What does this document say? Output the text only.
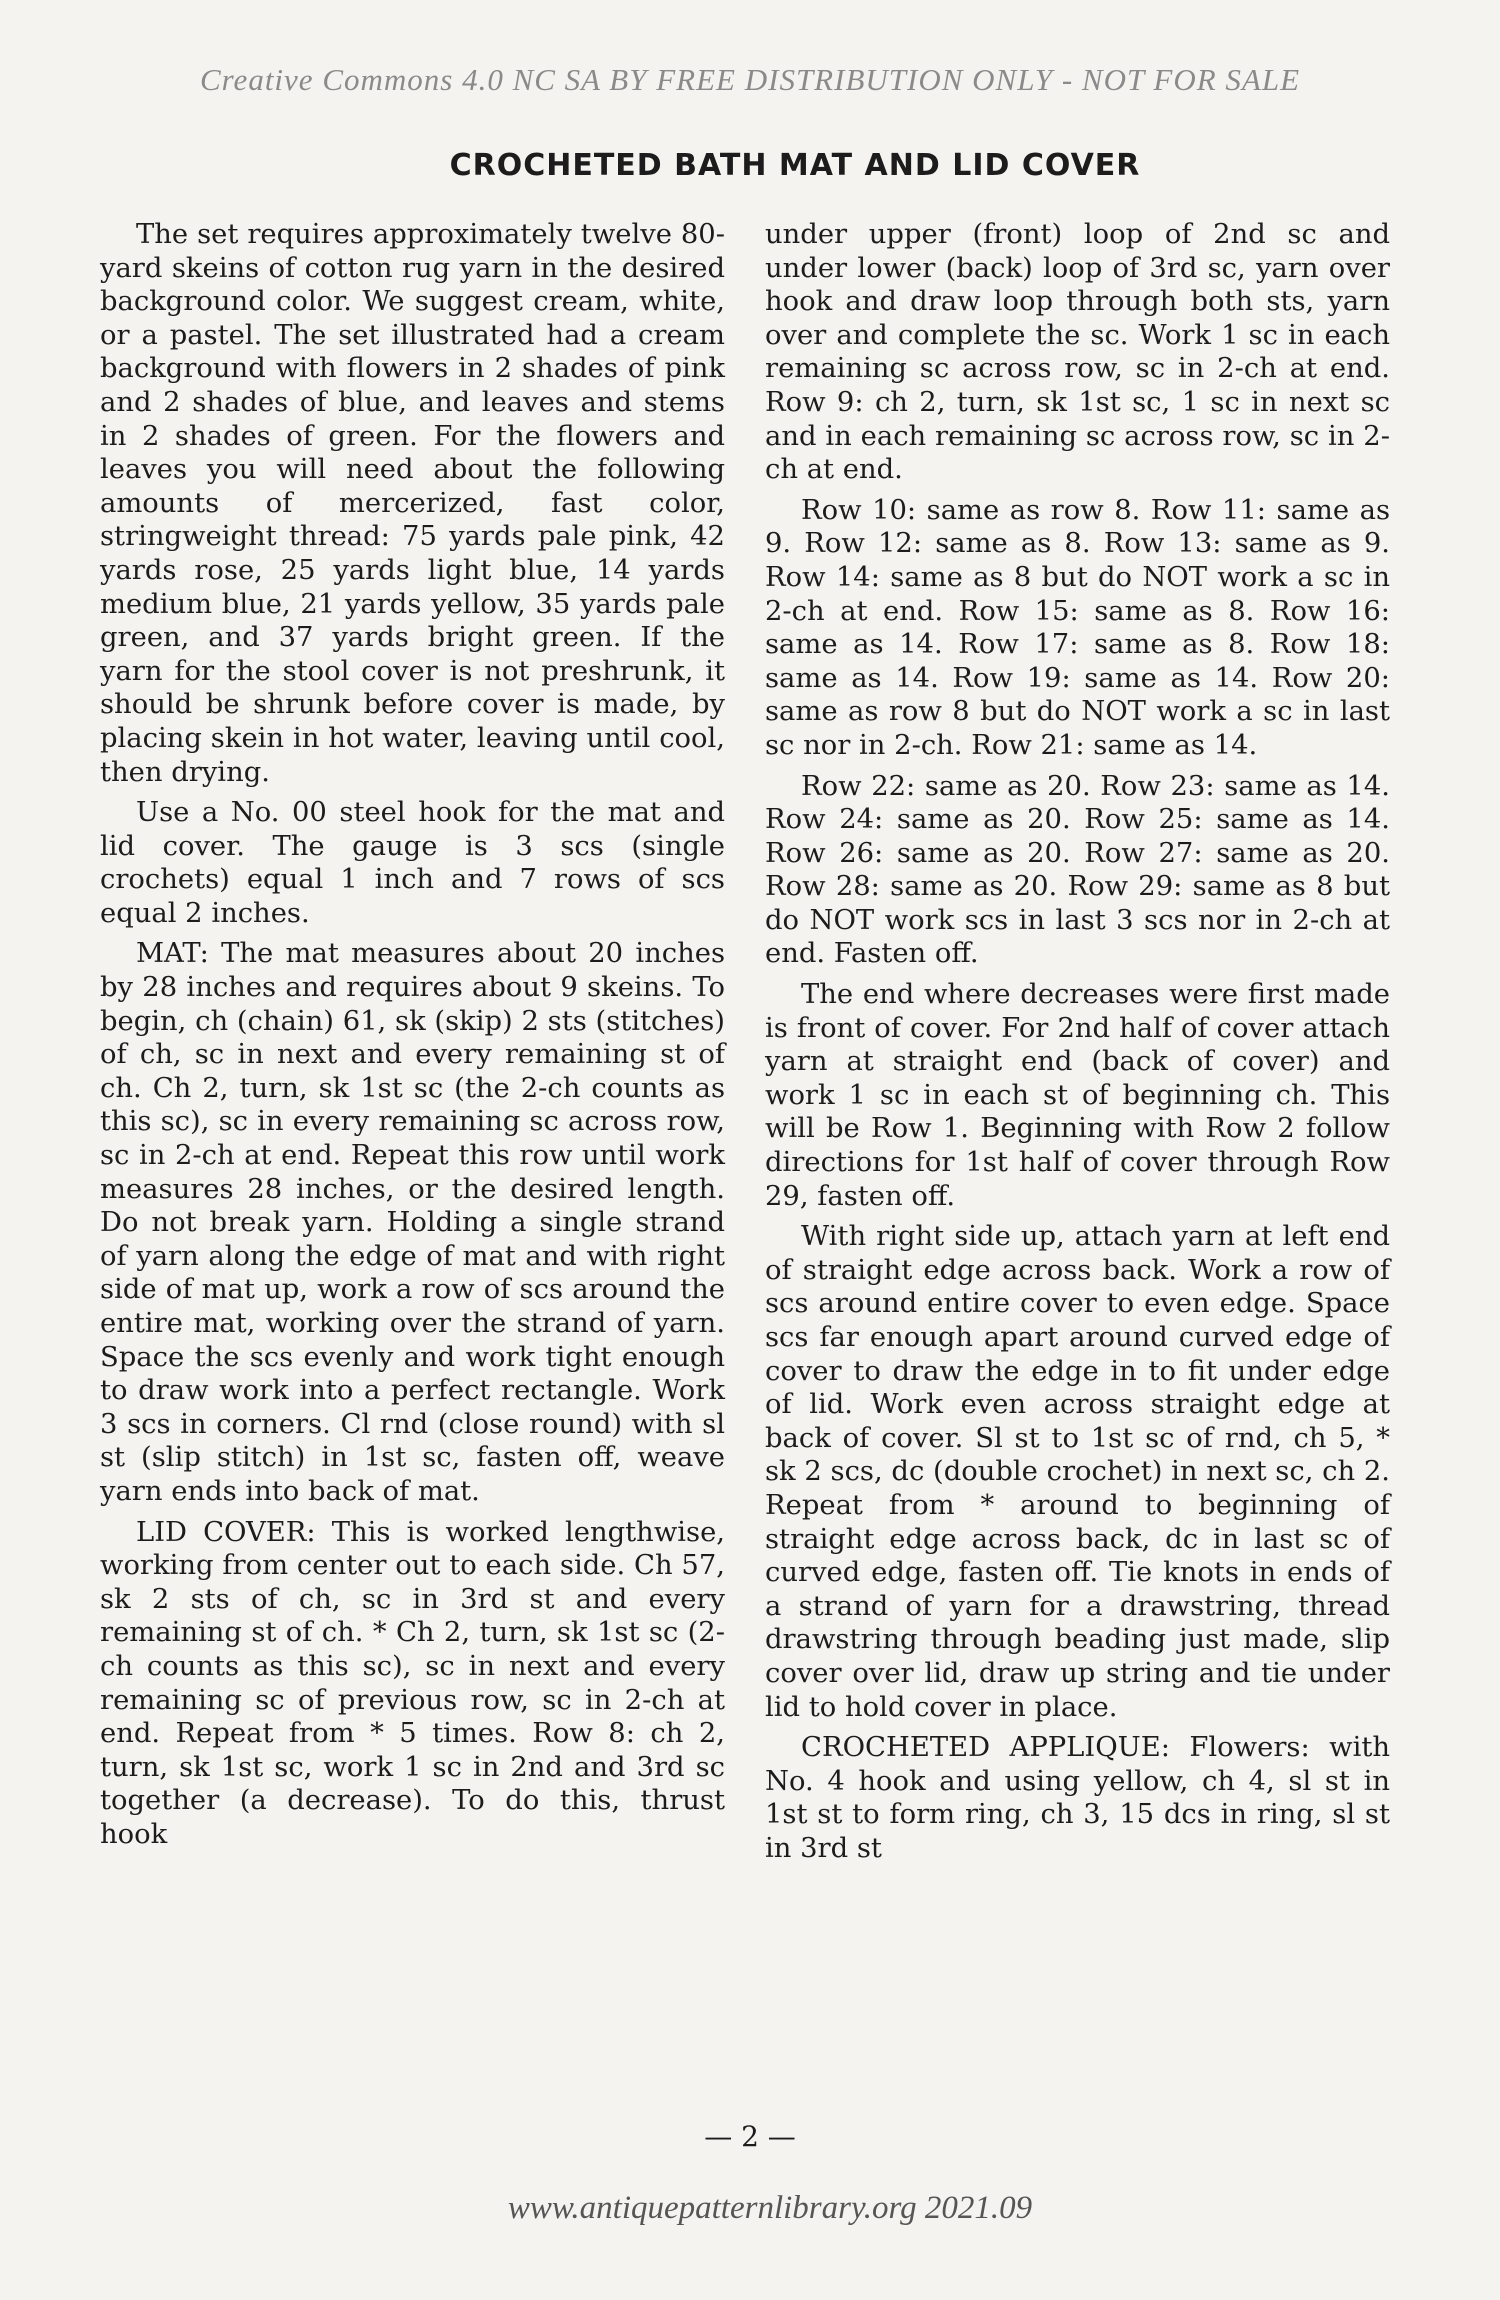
Creative Commons 4.0 NC SA BY FREE DISTRIBUTION ONLY - NOT FOR SALE
CROCHETED BATH MAT AND LID COVER

The set requires approximately twelve 80-yard skeins of cotton rug yarn in the desired background color. We suggest cream, white, or a pastel. The set illustrated had a cream background with flowers in 2 shades of pink and 2 shades of blue, and leaves and stems in 2 shades of green. For the flowers and leaves you will need about the following amounts of mercerized, fast color, stringweight thread: 75 yards pale pink, 42 yards rose, 25 yards light blue, 14 yards medium blue, 21 yards yellow, 35 yards pale green, and 37 yards bright green. If the yarn for the stool cover is not preshrunk, it should be shrunk before cover is made, by placing skein in hot water, leaving until cool, then drying.

Use a No. 00 steel hook for the mat and lid cover. The gauge is 3 scs (single crochets) equal 1 inch and 7 rows of scs equal 2 inches.

MAT: The mat measures about 20 inches by 28 inches and requires about 9 skeins. To begin, ch (chain) 61, sk (skip) 2 sts (stitches) of ch, sc in next and every remaining st of ch. Ch 2, turn, sk 1st sc (the 2-ch counts as this sc), sc in every remaining sc across row, sc in 2-ch at end. Repeat this row until work measures 28 inches, or the desired length. Do not break yarn. Holding a single strand of yarn along the edge of mat and with right side of mat up, work a row of scs around the entire mat, working over the strand of yarn. Space the scs evenly and work tight enough to draw work into a perfect rectangle. Work 3 scs in corners. Cl rnd (close round) with sl st (slip stitch) in 1st sc, fasten off, weave yarn ends into back of mat.

LID COVER: This is worked lengthwise, working from center out to each side. Ch 57, sk 2 sts of ch, sc in 3rd st and every remaining st of ch. * Ch 2, turn, sk 1st sc (2-ch counts as this sc), sc in next and every remaining sc of previous row, sc in 2-ch at end. Repeat from * 5 times. Row 8: ch 2, turn, sk 1st sc, work 1 sc in 2nd and 3rd sc together (a decrease). To do this, thrust hook

under upper (front) loop of 2nd sc and under lower (back) loop of 3rd sc, yarn over hook and draw loop through both sts, yarn over and complete the sc. Work 1 sc in each remaining sc across row, sc in 2-ch at end. Row 9: ch 2, turn, sk 1st sc, 1 sc in next sc and in each remaining sc across row, sc in 2-ch at end.

Row 10: same as row 8. Row 11: same as 9. Row 12: same as 8. Row 13: same as 9. Row 14: same as 8 but do NOT work a sc in 2-ch at end. Row 15: same as 8. Row 16: same as 14. Row 17: same as 8. Row 18: same as 14. Row 19: same as 14. Row 20: same as row 8 but do NOT work a sc in last sc nor in 2-ch. Row 21: same as 14.

Row 22: same as 20. Row 23: same as 14. Row 24: same as 20. Row 25: same as 14. Row 26: same as 20. Row 27: same as 20. Row 28: same as 20. Row 29: same as 8 but do NOT work scs in last 3 scs nor in 2-ch at end. Fasten off.

The end where decreases were first made is front of cover. For 2nd half of cover attach yarn at straight end (back of cover) and work 1 sc in each st of beginning ch. This will be Row 1. Beginning with Row 2 follow directions for 1st half of cover through Row 29, fasten off.

With right side up, attach yarn at left end of straight edge across back. Work a row of scs around entire cover to even edge. Space scs far enough apart around curved edge of cover to draw the edge in to fit under edge of lid. Work even across straight edge at back of cover. Sl st to 1st sc of rnd, ch 5, * sk 2 scs, dc (double crochet) in next sc, ch 2. Repeat from * around to beginning of straight edge across back, dc in last sc of curved edge, fasten off. Tie knots in ends of a strand of yarn for a drawstring, thread drawstring through beading just made, slip cover over lid, draw up string and tie under lid to hold cover in place.

CROCHETED APPLIQUE: Flowers: with No. 4 hook and using yellow, ch 4, sl st in 1st st to form ring, ch 3, 15 dcs in ring, sl st in 3rd st

— 2 —
www.antiquepatternlibrary.org 2021.09
